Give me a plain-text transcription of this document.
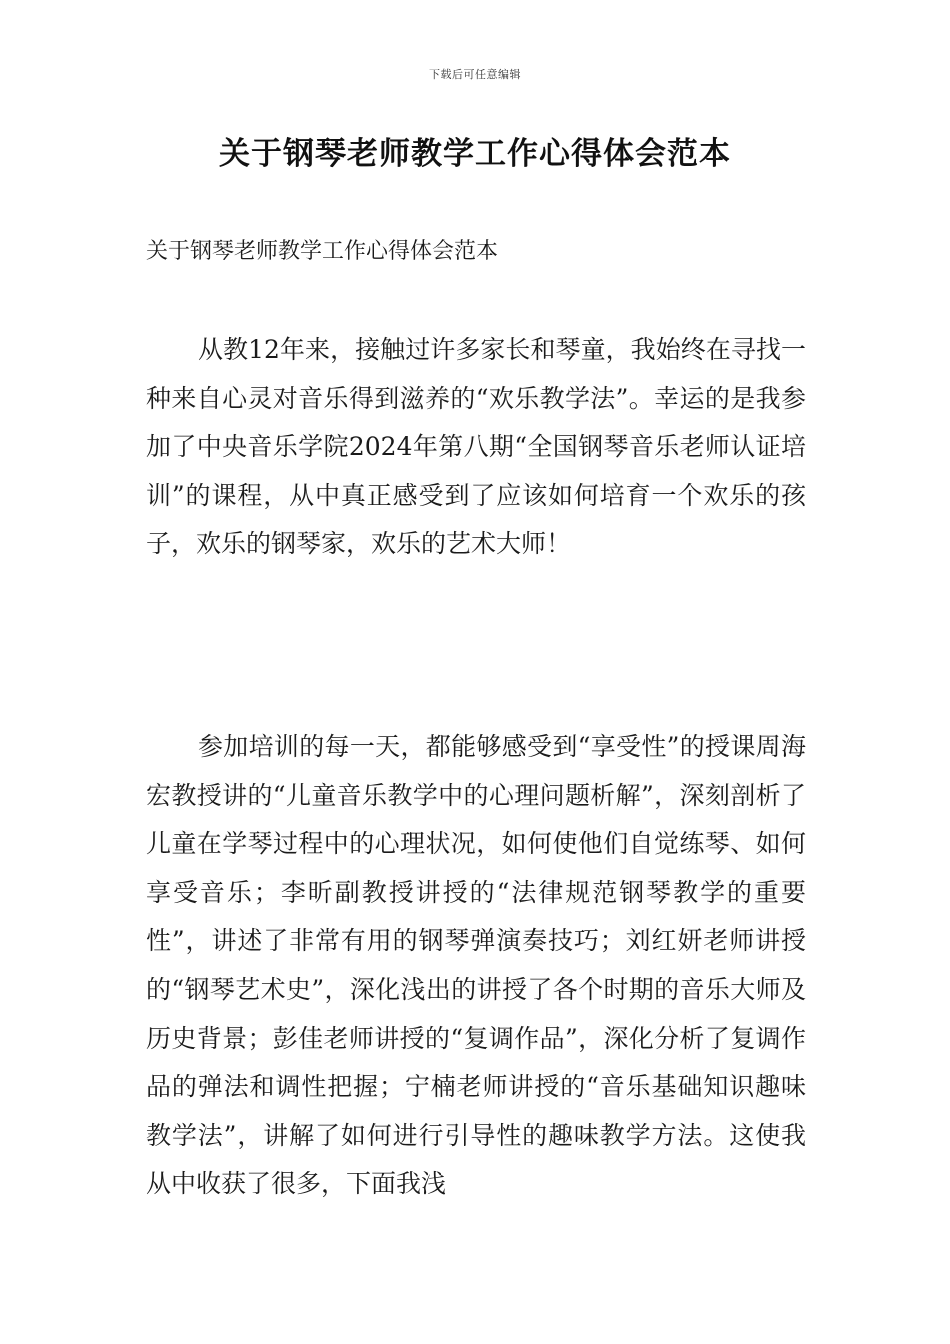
下载后可任意编辑
关于钢琴老师教学工作心得体会范本
关于钢琴老师教学工作心得体会范本

从教12年来，接触过许多家长和琴童，我始终在寻找一种来自心灵对音乐得到滋养的“欢乐教学法”。幸运的是我参加了中央音乐学院2024年第八期“全国钢琴音乐老师认证培训”的课程，从中真正感受到了应该如何培育一个欢乐的孩子，欢乐的钢琴家，欢乐的艺术大师！

参加培训的每一天，都能够感受到“享受性”的授课周海宏教授讲的“儿童音乐教学中的心理问题析解”，深刻剖析了儿童在学琴过程中的心理状况，如何使他们自觉练琴、如何享受音乐；李昕副教授讲授的“法律规范钢琴教学的重要性”，讲述了非常有用的钢琴弹演奏技巧；刘红妍老师讲授的“钢琴艺术史”，深化浅出的讲授了各个时期的音乐大师及历史背景；彭佳老师讲授的“复调作品”，深化分析了复调作品的弹法和调性把握；宁楠老师讲授的“音乐基础知识趣味教学法”，讲解了如何进行引导性的趣味教学方法。这使我从中收获了很多，下面我浅
